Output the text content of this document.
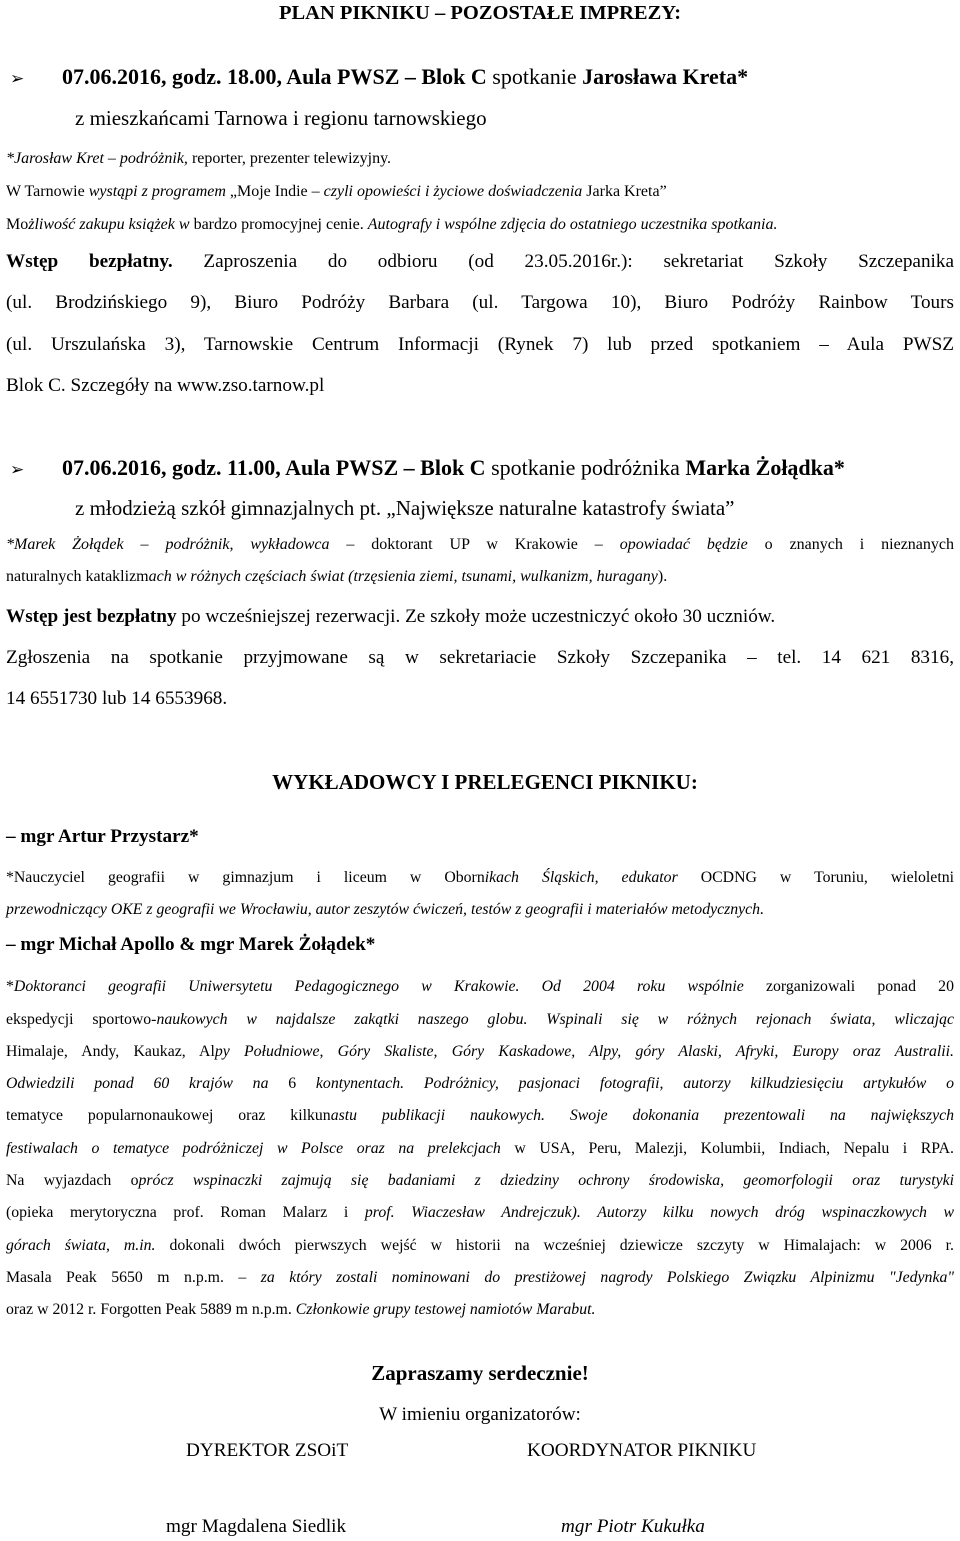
PLAN PIKNIKU – POZOSTAŁE IMPREZY:
➢ 07.06.2016, godz. 18.00, Aula PWSZ – Blok C spotkanie Jarosława Kreta*
z mieszkańcami Tarnowa i regionu tarnowskiego
*Jarosław Kret – podróżnik, reporter, prezenter telewizyjny.
W Tarnowie wystąpi z programem „Moje Indie – czyli opowieści i życiowe doświadczenia Jarka Kreta”
Możliwość zakupu książek w bardzo promocyjnej cenie. Autografy i wspólne zdjęcia do ostatniego uczestnika spotkania.
Wstęp bezpłatny. Zaproszenia do odbioru (od 23.05.2016r.): sekretariat Szkoły Szczepanika
(ul. Brodzińskiego 9), Biuro Podróży Barbara (ul. Targowa 10), Biuro Podróży Rainbow Tours
(ul. Urszulańska 3), Tarnowskie Centrum Informacji (Rynek 7) lub przed spotkaniem – Aula PWSZ
Blok C. Szczegóły na www.zso.tarnow.pl
➢ 07.06.2016, godz. 11.00, Aula PWSZ – Blok C spotkanie podróżnika Marka Żołądka*
z młodzieżą szkół gimnazjalnych pt. „Największe naturalne katastrofy świata”
*Marek Żołądek – podróżnik, wykładowca – doktorant UP w Krakowie – opowiadać będzie o znanych i nieznanych
naturalnych kataklizmach w różnych częściach świat (trzęsienia ziemi, tsunami, wulkanizm, huragany).
Wstęp jest bezpłatny po wcześniejszej rezerwacji. Ze szkoły może uczestniczyć około 30 uczniów.
Zgłoszenia na spotkanie przyjmowane są w sekretariacie Szkoły Szczepanika – tel. 14 621 8316,
14 6551730 lub 14 6553968.
WYKŁADOWCY I PRELEGENCI PIKNIKU:
– mgr Artur Przystarz*
*Nauczyciel geografii w gimnazjum i liceum w Obornikach Śląskich, edukator OCDNG w Toruniu, wieloletni
przewodniczący OKE z geografii we Wrocławiu, autor zeszytów ćwiczeń, testów z geografii i materiałów metodycznych.
– mgr Michał Apollo & mgr Marek Żołądek*
*Doktoranci geografii Uniwersytetu Pedagogicznego w Krakowie. Od 2004 roku wspólnie zorganizowali ponad 20
ekspedycji sportowo-naukowych w najdalsze zakątki naszego globu. Wspinali się w różnych rejonach świata, wliczając
Himalaje, Andy, Kaukaz, Alpy Południowe, Góry Skaliste, Góry Kaskadowe, Alpy, góry Alaski, Afryki, Europy oraz Australii.
Odwiedzili ponad 60 krajów na 6 kontynentach. Podróżnicy, pasjonaci fotografii, autorzy kilkudziesięciu artykułów o
tematyce popularnonaukowej oraz kilkunastu publikacji naukowych. Swoje dokonania prezentowali na największych
festiwalach o tematyce podróżniczej w Polsce oraz na prelekcjach w USA, Peru, Malezji, Kolumbii, Indiach, Nepalu i RPA.
Na wyjazdach oprócz wspinaczki zajmują się badaniami z dziedziny ochrony środowiska, geomorfologii oraz turystyki
(opieka merytoryczna prof. Roman Malarz i prof. Wiaczesław Andrejczuk). Autorzy kilku nowych dróg wspinaczkowych w
górach świata, m.in. dokonali dwóch pierwszych wejść w historii na wcześniej dziewicze szczyty w Himalajach: w 2006 r.
Masala Peak 5650 m n.p.m. – za który zostali nominowani do prestiżowej nagrody Polskiego Związku Alpinizmu "Jedynka"
oraz w 2012 r. Forgotten Peak 5889 m n.p.m. Członkowie grupy testowej namiotów Marabut.
Zapraszamy serdecznie!
W imieniu organizatorów:
DYREKTOR ZSOiT	KOORDYNATOR PIKNIKU
mgr Magdalena Siedlik	mgr Piotr Kukułka
